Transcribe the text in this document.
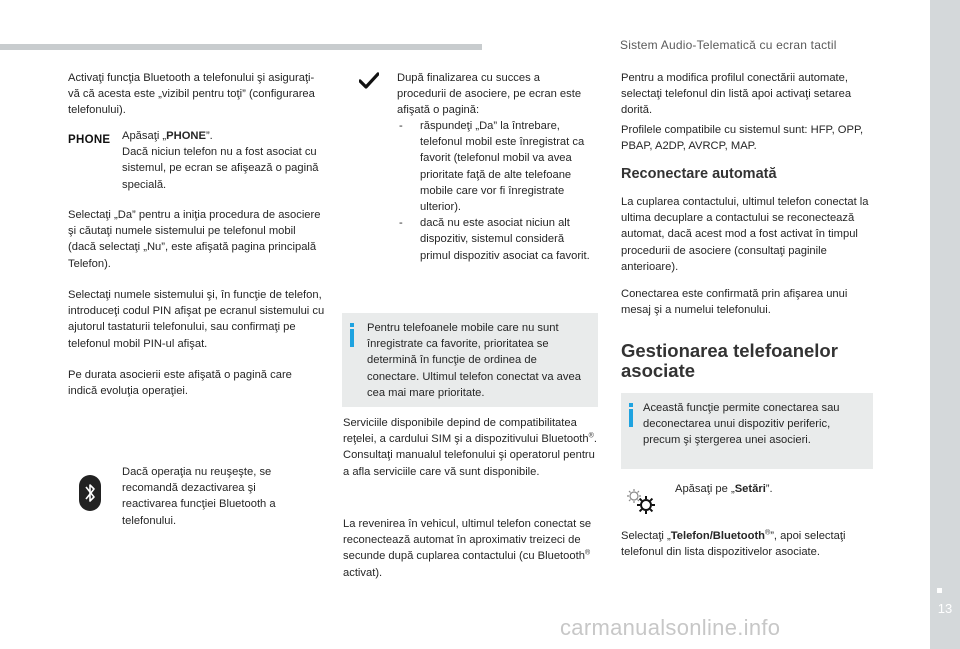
Sistem Audio-Telematică cu ecran tactil
13

Activaţi funcţia Bluetooth a telefonului şi asiguraţi-vă că acesta este „vizibil pentru toţi” (configurarea telefonului).

PHONE Apăsaţi „PHONE”.
Dacă niciun telefon nu a fost asociat cu sistemul, pe ecran se afişează o pagină specială.

Selectaţi „Da” pentru a iniţia procedura de asociere şi căutaţi numele sistemului pe telefonul mobil (dacă selectaţi „Nu”, este afişată pagina principală Telefon).

Selectaţi numele sistemului şi, în funcţie de telefon, introduceţi codul PIN afişat pe ecranul sistemului cu ajutorul tastaturii telefonului, sau confirmaţi pe telefonul mobil PIN-ul afişat.

Pe durata asocierii este afişată o pagină care indică evoluţia operaţiei.

Dacă operaţia nu reuşeşte, se recomandă dezactivarea şi reactivarea funcţiei Bluetooth a telefonului.

După finalizarea cu succes a procedurii de asociere, pe ecran este afişată o pagină:

- răspundeţi „Da” la întrebare, telefonul mobil este înregistrat ca favorit (telefonul mobil va avea prioritate faţă de alte telefoane mobile care vor fi înregistrate ulterior).
- dacă nu este asociat niciun alt dispozitiv, sistemul consideră primul dispozitiv asociat ca favorit.

Pentru telefoanele mobile care nu sunt înregistrate ca favorite, prioritatea se determină în funcţie de ordinea de conectare. Ultimul telefon conectat va avea cea mai mare prioritate.

Serviciile disponibile depind de compatibilitatea reţelei, a cardului SIM şi a dispozitivului Bluetooth®. Consultaţi manualul telefonului şi operatorul pentru a afla serviciile care vă sunt disponibile.

La revenirea în vehicul, ultimul telefon conectat se reconectează automat în aproximativ treizeci de secunde după cuplarea contactului (cu Bluetooth® activat).

Pentru a modifica profilul conectării automate, selectaţi telefonul din listă apoi activaţi setarea dorită.

Profilele compatibile cu sistemul sunt: HFP, OPP, PBAP, A2DP, AVRCP, MAP.

Reconectare automată

La cuplarea contactului, ultimul telefon conectat la ultima decuplare a contactului se reconectează automat, dacă acest mod a fost activat în timpul procedurii de asociere (consultaţi paginile anterioare).

Conectarea este confirmată prin afişarea unui mesaj şi a numelui telefonului.

Gestionarea telefoanelor asociate

Această funcţie permite conectarea sau deconectarea unui dispozitiv periferic, precum şi ştergerea unei asocieri.

Apăsaţi pe „Setări”.

Selectaţi „Telefon/Bluetooth®”, apoi selectaţi telefonul din lista dispozitivelor asociate.

carmanualsonline.info
